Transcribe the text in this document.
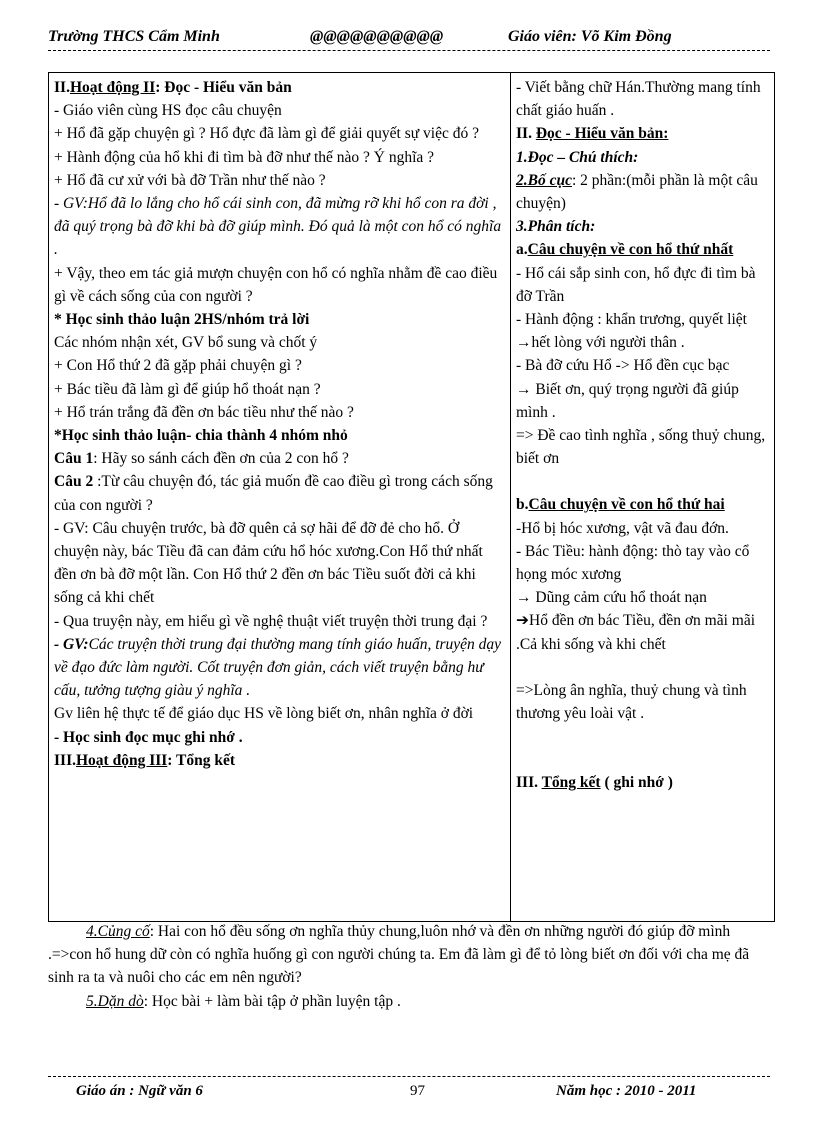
Trường THCS Cẩm Minh	@@@@@@@@@@	Giáo viên: Võ Kim Đồng
II.Hoạt động II: Đọc - Hiểu văn bản
- Giáo viên cùng HS đọc câu chuyện
+ Hổ đã gặp chuyện gì ? Hổ đực đã làm gì để giải quyết sự việc đó ?
+ Hành động của hổ khi đi tìm bà đỡ như thế nào ? Ý nghĩa ?
+ Hổ đã cư xử với bà đỡ Trần như thế nào ?
- GV:Hổ đã lo lắng cho hổ cái sinh con, đã mừng rỡ khi hổ con ra đời , đã quý trọng bà đỡ khi bà đỡ giúp mình. Đó quả là một con hổ có nghĩa .
+ Vậy, theo em tác giả mượn chuyện con hổ có nghĩa nhằm đề cao điều gì về cách sống của con người ?
* Học sinh thảo luận 2HS/nhóm trả lời
Các nhóm nhận xét, GV bổ sung và chốt ý
+ Con Hổ thứ 2 đã gặp phải chuyện gì ?
+ Bác tiều đã làm gì để giúp hổ thoát nạn ?
+ Hổ trán trắng đã đền ơn bác tiều như thế nào ?
*Học sinh thảo luận- chia thành 4 nhóm nhỏ
Câu 1: Hãy so sánh cách đền ơn của 2 con hổ ?
Câu 2 :Từ câu chuyện đó, tác giả muốn đề cao điều gì trong cách sống của con người ?
- GV: Câu chuyện trước, bà đỡ quên cả sợ hãi để đỡ đẻ cho hổ. Ở chuyện này, bác Tiều đã can đảm cứu hổ hóc xương.Con Hổ thứ nhất đền ơn bà đỡ một lần. Con Hổ thứ 2 đền ơn bác Tiều suốt đời cả khi sống cả khi chết
- Qua truyện này, em hiểu gì về nghệ thuật viết truyện thời trung đại ?
- GV:Các truyện thời trung đại thường mang tính giáo huấn, truyện dạy về đạo đức làm người. Cốt truyện đơn giản, cách viết truyện bằng hư cấu, tưởng tượng giàu ý nghĩa .
Gv liên hệ thực tế để giáo dục HS về lòng biết ơn, nhân nghĩa ở đời
- Học sinh đọc mục ghi nhớ .
III.Hoạt động III: Tổng kết

- Viết bằng chữ Hán.Thường mang tính chất giáo huấn .
II. Đọc - Hiểu văn bản:
1.Đọc – Chú thích:
2.Bố cục: 2 phần:(mỗi phần là một câu chuyện)
3.Phân tích:
a.Câu chuyện về con hổ thứ nhất
- Hổ cái sắp sinh con, hổ đực đi tìm bà đỡ Trần
- Hành động : khẩn trương, quyết liệt →hết lòng với người thân .
- Bà đỡ cứu Hổ -> Hổ đền cục bạc
→ Biết ơn, quý trọng người đã giúp mình .
=> Đề cao tình nghĩa , sống thuỷ chung, biết ơn
b.Câu chuyện về con hổ thứ hai
-Hổ bị hóc xương, vật vã đau đớn.
- Bác Tiều: hành động: thò tay vào cổ họng móc xương
→ Dũng cảm cứu hổ thoát nạn
➔Hổ đền ơn bác Tiều, đền ơn mãi mãi .Cả khi sống và khi chết
=>Lòng ân nghĩa, thuỷ chung và tình thương yêu loài vật .
III. Tổng kết ( ghi nhớ )
4.Củng cố: Hai con hổ đều sống ơn nghĩa thủy chung,luôn nhớ và đền ơn những người đó giúp đỡ mình .=>con hổ hung dữ còn có nghĩa huống gì con người chúng ta. Em đã làm gì để tỏ lòng biết ơn đối với cha mẹ đã sinh ra ta và nuôi cho các em nên người?
5.Dặn dò: Học bài + làm bài tập ở phần luyện tập .
Giáo án : Ngữ văn 6	97	Năm học : 2010 - 2011
